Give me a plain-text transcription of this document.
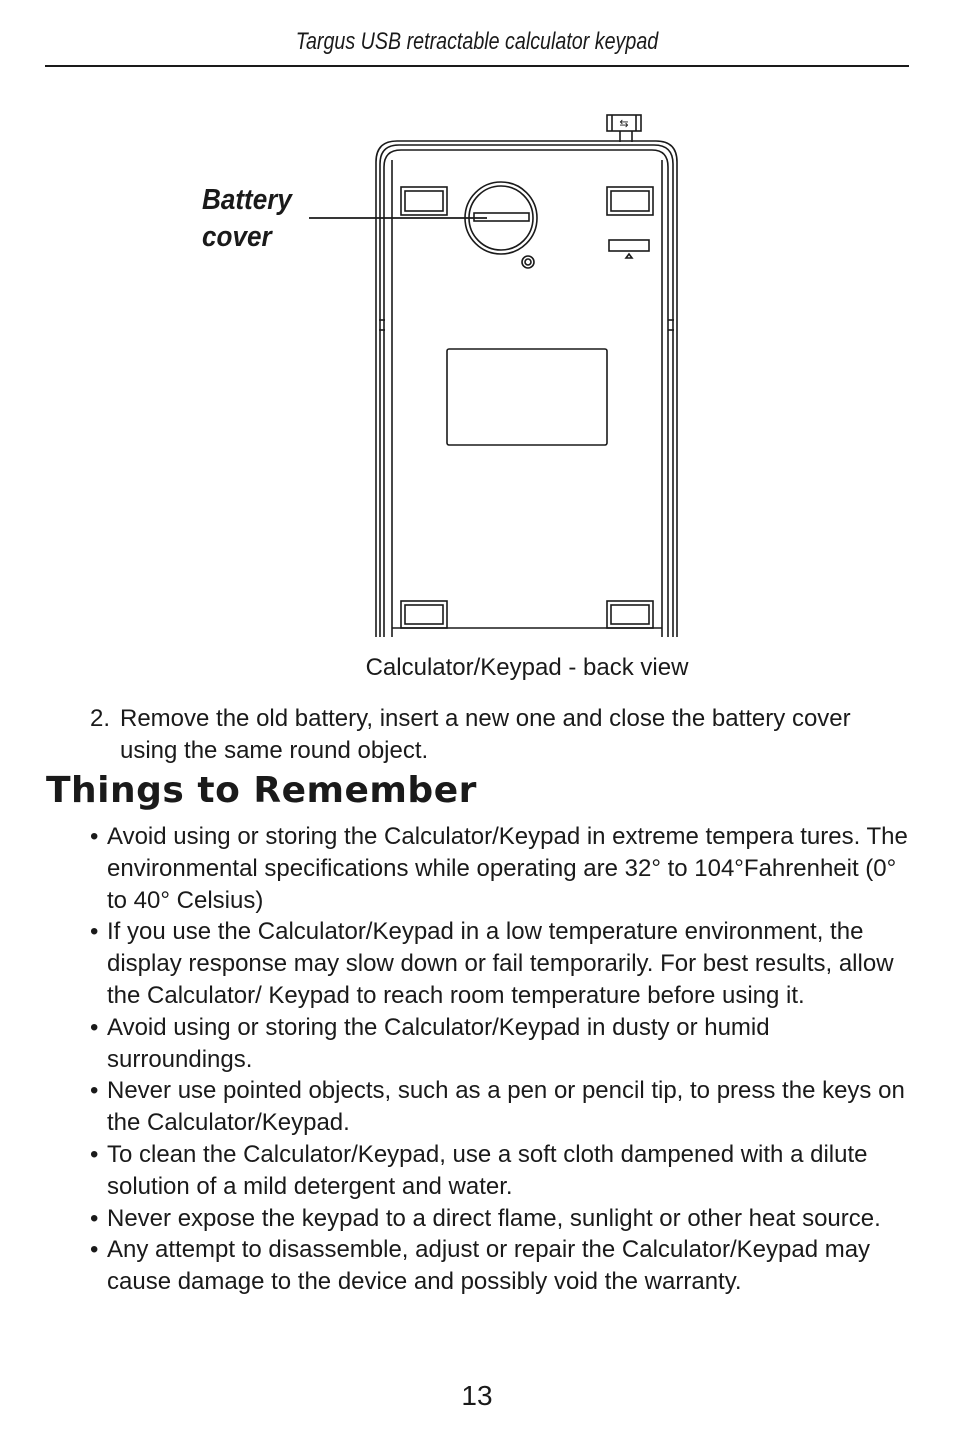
Targus USB retractable calculator keypad
⇆
Battery
cover
Calculator/Keypad - back view
2. Remove the old battery, insert a new one and close the battery cover
using the same round object.
Things to Remember
• Avoid using or storing the Calculator/Keypad in extreme tempera tures. The environmental specifications while operating are 32° to 104°Fahrenheit (0° to 40° Celsius)
• If you use the Calculator/Keypad in a low temperature environment, the display response may slow down or fail temporarily. For best results, allow the Calculator/ Keypad to reach room temperature before using it.
• Avoid using or storing the Calculator/Keypad in dusty or humid surroundings.
• Never use pointed objects, such as a pen or pencil tip, to press the keys on the Calculator/Keypad.
• To clean the Calculator/Keypad, use a soft cloth dampened with a dilute solution of a mild detergent and water.
• Never expose the keypad to a direct flame, sunlight or other heat source.
• Any attempt to disassemble, adjust or repair the Calculator/Keypad may cause damage to the device and possibly void the warranty.
13
